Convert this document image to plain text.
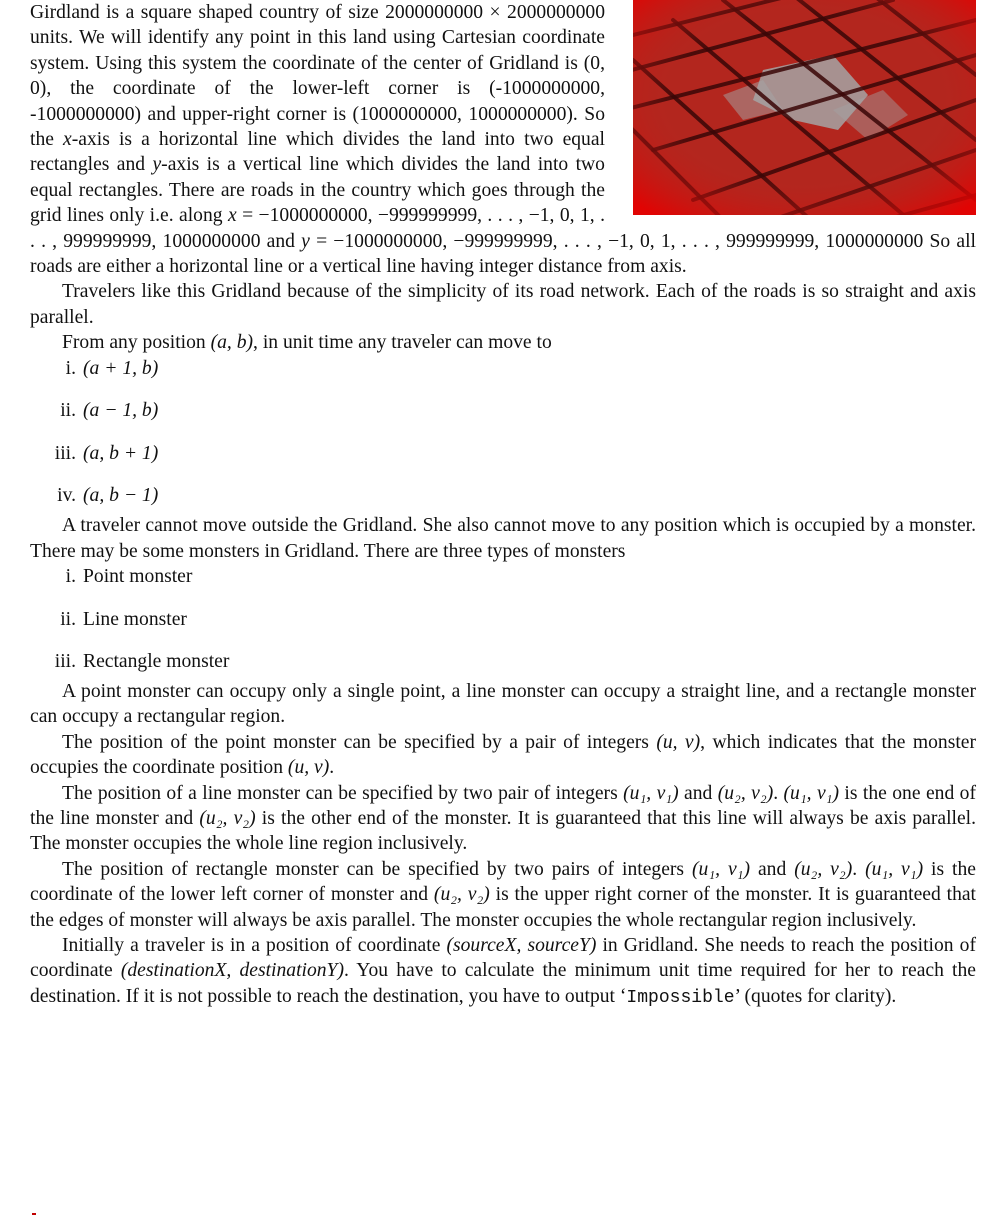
Girdland is a square shaped country of size 2000000000 × 2000000000 units. We will identify any point in this land using Cartesian coordinate system. Using this system the coordinate of the center of Gridland is (0, 0), the coordinate of the lower-left corner is (-1000000000, -1000000000) and upper-right corner is (1000000000, 1000000000). So the x-axis is a horizontal line which divides the land into two equal rectangles and y-axis is a vertical line which divides the land into two equal rectangles. There are roads in the country which goes through the grid lines only i.e. along x = −1000000000, −999999999, . . . , −1, 0, 1, . . . , 999999999, 1000000000 and y = −1000000000, −999999999, . . . , −1, 0, 1, . . . , 999999999, 1000000000 So all roads are either a horizontal line or a vertical line having integer distance from axis.

Travelers like this Gridland because of the simplicity of its road network. Each of the roads is so straight and axis parallel.

From any position (a, b), in unit time any traveler can move to

i. (a + 1, b)
ii. (a − 1, b)
iii. (a, b + 1)
iv. (a, b − 1)

A traveler cannot move outside the Gridland. She also cannot move to any position which is occupied by a monster. There may be some monsters in Gridland. There are three types of monsters

i. Point monster
ii. Line monster
iii. Rectangle monster

A point monster can occupy only a single point, a line monster can occupy a straight line, and a rectangle monster can occupy a rectangular region.

The position of the point monster can be specified by a pair of integers (u, v), which indicates that the monster occupies the coordinate position (u, v).

The position of a line monster can be specified by two pair of integers (u₁, v₁) and (u₂, v₂). (u₁, v₁) is the one end of the line monster and (u₂, v₂) is the other end of the monster. It is guaranteed that this line will always be axis parallel. The monster occupies the whole line region inclusively.

The position of rectangle monster can be specified by two pairs of integers (u₁, v₁) and (u₂, v₂). (u₁, v₁) is the coordinate of the lower left corner of monster and (u₂, v₂) is the upper right corner of the monster. It is guaranteed that the edges of monster will always be axis parallel. The monster occupies the whole rectangular region inclusively.

Initially a traveler is in a position of coordinate (sourceX, sourceY) in Gridland. She needs to reach the position of coordinate (destinationX, destinationY). You have to calculate the minimum unit time required for her to reach the destination. If it is not possible to reach the destination, you have to output ‘Impossible’ (quotes for clarity).
